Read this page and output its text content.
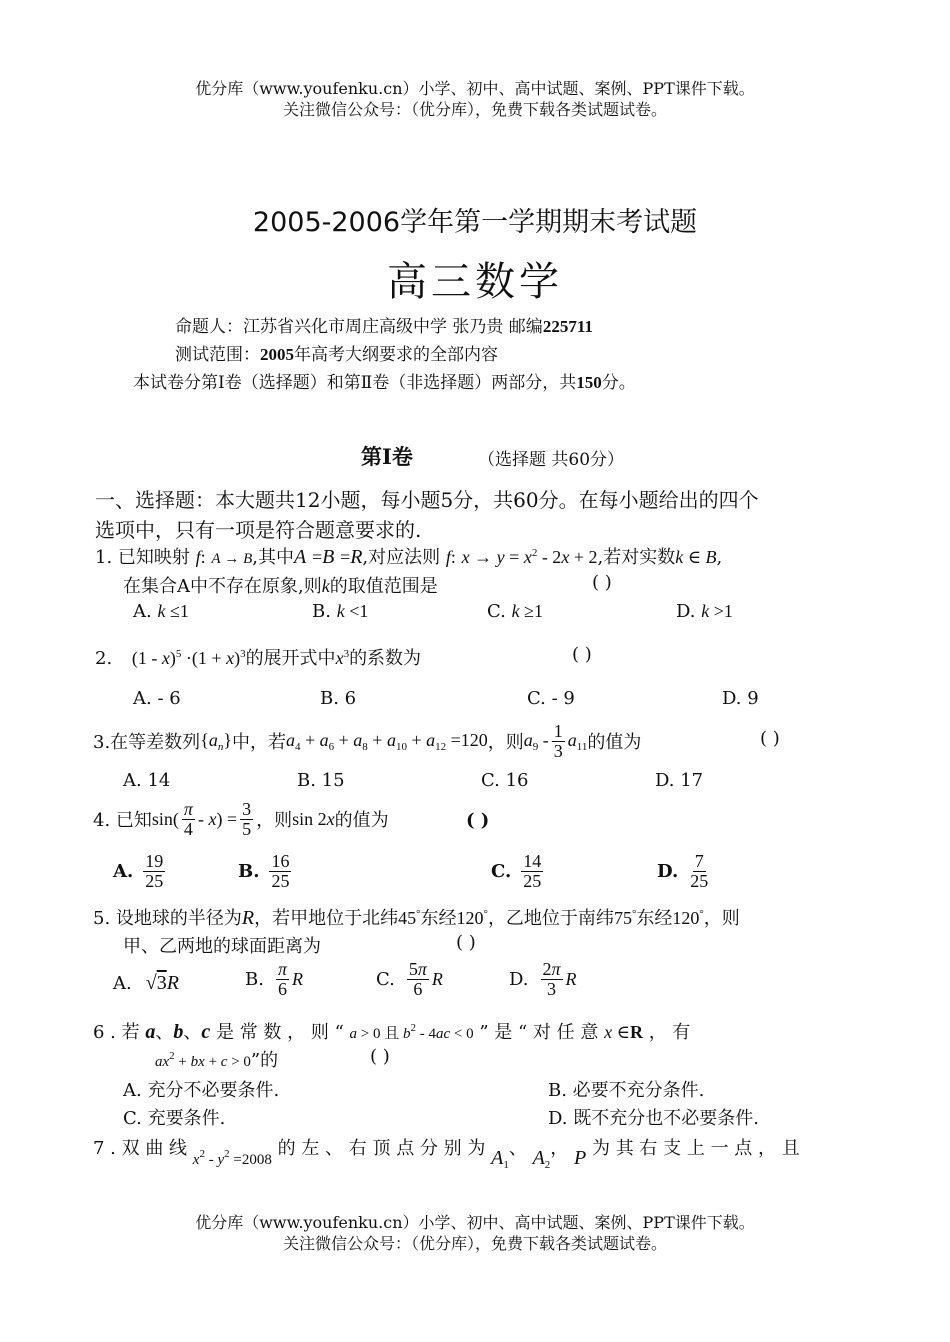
优分库（www.youfenku.cn）小学、初中、高中试题、案例、PPT课件下载。
关注微信公众号：（优分库），免费下载各类试题试卷。
2005-2006学年第一学期期末考试题
高三数学
命题人：江苏省兴化市周庄高级中学 张乃贵 邮编225711
测试范围：2005年高考大纲要求的全部内容
本试卷分第Ⅰ卷（选择题）和第Ⅱ卷（非选择题）两部分，共150分。
第Ⅰ卷	（选择题 共60分）
一、选择题：本大题共12小题，每小题5分，共60分。在每小题给出的四个
选项中，只有一项是符合题意要求的.
1. 已知映射 f: A → B,其中A =B =R,对应法则 f: $x \to y = x^2 - 2x + 2$,若对实数k ∈ B,
在集合A中不存在原象,则k的取值范围是	( )
A. k ≤1	B. k <1	C. k ≥1	D. k >1
2. $(1 - x)^5 \cdot(1 + x)^3$的展开式中$x^3$的系数为	( )
A. - 6	B. 6	C. - 9	D. 9
3.在等差数列 $\{a_n\}$ 中，若 $a_4 + a_6 + a_8 + a_{10} + a_{12} =120$ ，则 $a_9 - \frac{1}{3} a_{11}$ 的值为	( )
A. 14	B. 15	C. 16	D. 17
4. 已知 $\sin( \frac{\pi}{4} - x) = \frac{3}{5}$ ，则 sin 2x 的值为	( )
A. $\frac{19}{25}$	B. $\frac{16}{25}$	C. $\frac{14}{25}$	D. $\frac{7}{25}$
5. 设地球的半径为R，若甲地位于北纬45°东经120°，乙地位于南纬75°东经120°，则
甲、乙两地的球面距离为	( )
A. √3R	B. $\frac{\pi}{6}$ R	C. $\frac{5\pi}{6}$ R	D. $\frac{2\pi}{3}$ R
6 . 若 a、b、c 是 常 数 ， 则 “ a > 0 且 $b^2 - 4ac < 0$ ” 是 “ 对 任 意 x ∈R ， 有
$ax^2$ + bx + c > 0”的	( )
A. 充分不必要条件.	B. 必要不充分条件.
C. 充要条件.	D. 既不充分也不必要条件.
7 . 双 曲 线 $_{x^2 - y^2 =2008}$ 的 左 、 右 顶 点 分 别 为 $A_1$、 $A_2$， P 为 其 右 支 上 一 点 ， 且
优分库（www.youfenku.cn）小学、初中、高中试题、案例、PPT课件下载。
关注微信公众号：（优分库），免费下载各类试题试卷。
